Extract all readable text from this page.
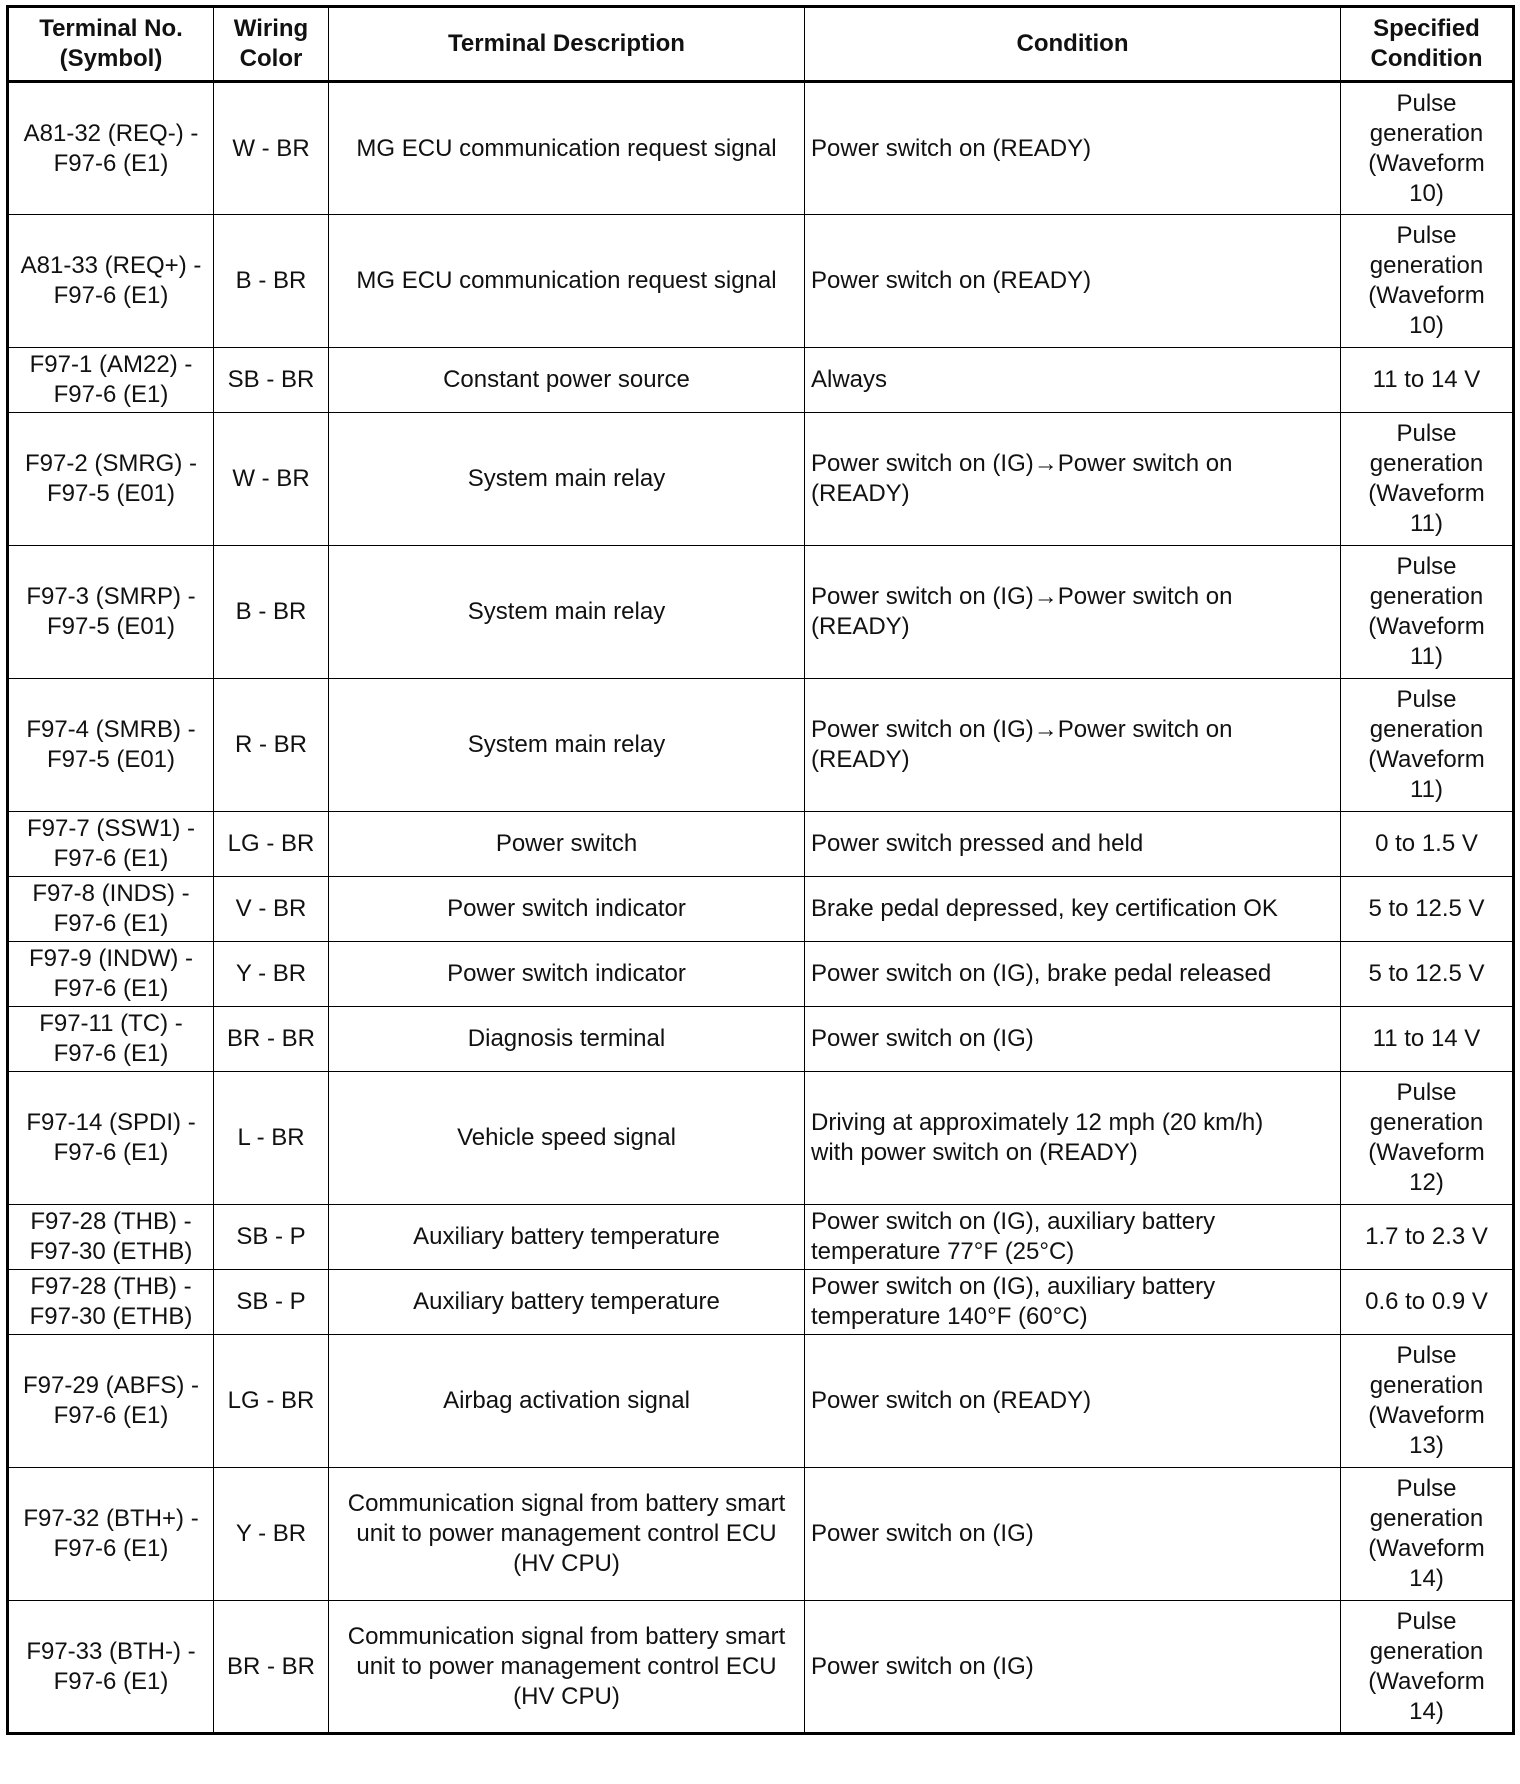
Terminal No.
(Symbol)	Wiring
Color	Terminal Description	Condition	Specified
Condition

A81-32 (REQ-) -
F97-6 (E1)	W - BR	MG ECU communication request signal	Power switch on (READY)	Pulse
generation
(Waveform
10)

A81-33 (REQ+) -
F97-6 (E1)	B - BR	MG ECU communication request signal	Power switch on (READY)	Pulse
generation
(Waveform
10)

F97-1 (AM22) -
F97-6 (E1)	SB - BR	Constant power source	Always	11 to 14 V

F97-2 (SMRG) -
F97-5 (E01)	W - BR	System main relay	Power switch on (IG)→Power switch on
(READY)	Pulse
generation
(Waveform
11)

F97-3 (SMRP) -
F97-5 (E01)	B - BR	System main relay	Power switch on (IG)→Power switch on
(READY)	Pulse
generation
(Waveform
11)

F97-4 (SMRB) -
F97-5 (E01)	R - BR	System main relay	Power switch on (IG)→Power switch on
(READY)	Pulse
generation
(Waveform
11)

F97-7 (SSW1) -
F97-6 (E1)	LG - BR	Power switch	Power switch pressed and held	0 to 1.5 V

F97-8 (INDS) -
F97-6 (E1)	V - BR	Power switch indicator	Brake pedal depressed, key certification OK	5 to 12.5 V

F97-9 (INDW) -
F97-6 (E1)	Y - BR	Power switch indicator	Power switch on (IG), brake pedal released	5 to 12.5 V

F97-11 (TC) -
F97-6 (E1)	BR - BR	Diagnosis terminal	Power switch on (IG)	11 to 14 V

F97-14 (SPDI) -
F97-6 (E1)	L - BR	Vehicle speed signal	Driving at approximately 12 mph (20 km/h)
with power switch on (READY)	Pulse
generation
(Waveform
12)

F97-28 (THB) -
F97-30 (ETHB)	SB - P	Auxiliary battery temperature	Power switch on (IG), auxiliary battery
temperature 77°F (25°C)	1.7 to 2.3 V

F97-28 (THB) -
F97-30 (ETHB)	SB - P	Auxiliary battery temperature	Power switch on (IG), auxiliary battery
temperature 140°F (60°C)	0.6 to 0.9 V

F97-29 (ABFS) -
F97-6 (E1)	LG - BR	Airbag activation signal	Power switch on (READY)	Pulse
generation
(Waveform
13)

F97-32 (BTH+) -
F97-6 (E1)	Y - BR	Communication signal from battery smart
unit to power management control ECU
(HV CPU)	Power switch on (IG)	Pulse
generation
(Waveform
14)

F97-33 (BTH-) -
F97-6 (E1)	BR - BR	Communication signal from battery smart
unit to power management control ECU
(HV CPU)	Power switch on (IG)	Pulse
generation
(Waveform
14)
